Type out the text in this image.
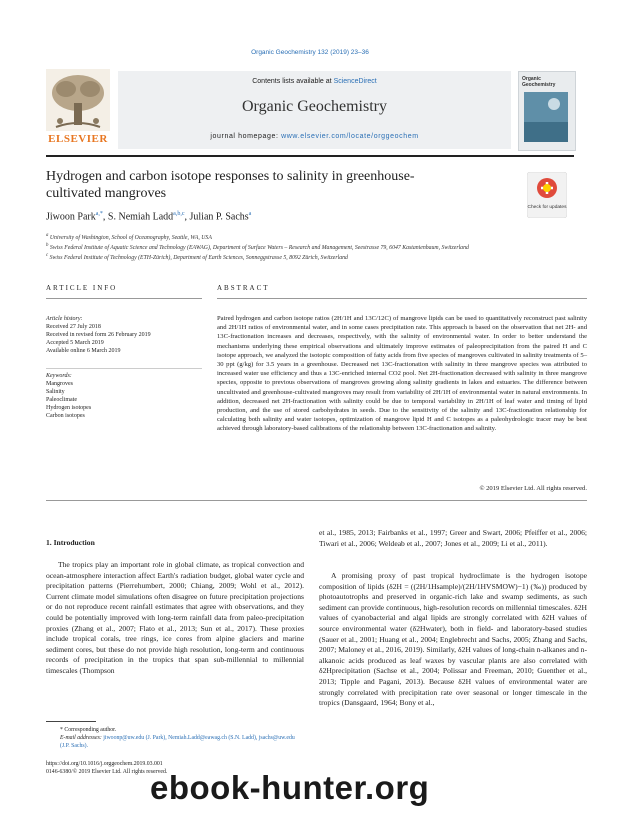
Organic Geochemistry 132 (2019) 23–36
Contents lists available at ScienceDirect
Organic Geochemistry
journal homepage: www.elsevier.com/locate/orggeochem
ELSEVIER
Organic Geochemistry
Hydrogen and carbon isotope responses to salinity in greenhouse-
cultivated mangroves
Check for updates
Jiwoon Park$^{a,*}$, S. Nemiah Ladd$^{a,b,c}$, Julian P. Sachs$^a$
$^a$ University of Washington, School of Oceanography, Seattle, WA, USA
$^b$ Swiss Federal Institute of Aquatic Science and Technology (EAWAG), Department of Surface Waters – Research and Management, Seestrasse 79, 6047 Kastanienbaum, Switzerland
$^c$ Swiss Federal Institute of Technology (ETH-Zürich), Department of Earth Sciences, Sonneggstrasse 5, 8092 Zürich, Switzerland
ARTICLE INFO	ABSTRACT
Article history:
Received 27 July 2018
Received in revised form 26 February 2019
Accepted 5 March 2019
Available online 6 March 2019
Keywords:
Mangroves
Salinity
Paleoclimate
Hydrogen isotopes
Carbon isotopes
Paired hydrogen and carbon isotope ratios (2H/1H and 13C/12C) of mangrove lipids can be used to quantitatively reconstruct past salinity and 2H/1H ratios of environmental water, and in some cases precipitation rate. This approach is based on the observation that net 2H- and 13C-fractionation increases and decreases, respectively, with the salinity of environmental water. In order to better understand the mechanisms underlying these empirical observations and ultimately improve estimates of paleoprecipitation from the paired H and C isotope approach, we analyzed the isotopic composition of fatty acids from five species of mangroves cultivated in salinity treatments of 5–30 ppt (g/kg) for 3.5 years in a greenhouse. Decreased net 13C-fractionation with salinity in three mangrove species was attributed to increased water use efficiency and thus a 13C-enriched internal CO2 pool. Net 2H-fractionation decreased with salinity in three mangrove species, opposite to previous observations of mangroves growing along salinity gradients in lakes and estuaries. The difference between uncultivated and greenhouse-cultivated mangroves may result from variability of 2H/1H of environmental water in natural environments. In addition, decreased net 2H-fractionation with salinity could be due to temporal variability in 2H/1H of leaf water and timing of lipid production, and the use of stored carbohydrates in seeds. Due to the sensitivity of the salinity and 13C-fractionation relationship for calculating both salinity and water isotopes, optimization of mangrove lipid H and C isotopes as a paleohydrologic tracer may be best achieved through laboratory-based calibrations of the relationship between 13C-fractionation and salinity.
© 2019 Elsevier Ltd. All rights reserved.
1. Introduction
The tropics play an important role in global climate, as tropical convection and ocean-atmosphere interaction affect Earth's radiation budget, global water cycle and precipitation patterns (Pierrehumbert, 2000; Chiang, 2009; Wohl et al., 2012). Current climate model simulations often disagree on future precipitation projections or do not reproduce recent rainfall estimates that agree with observations, and they could be potentially improved with long-term rainfall data from paleo-precipitation proxies (Zhang et al., 2007; Flato et al., 2013; Sun et al., 2017). These proxies include tropical corals, tree rings, ice cores from alpine glaciers and marine sediment cores, but these do not provide high resolution, long-term and continuous records of precipitation in the tropics that span sub-millennial to millennial timescales (Thompson
et al., 1985, 2013; Fairbanks et al., 1997; Greer and Swart, 2006; Pfeiffer et al., 2006; Tiwari et al., 2006; Weldeab et al., 2007; Jones et al., 2009; Li et al., 2011).
A promising proxy of past tropical hydroclimate is the hydrogen isotope composition of lipids (δ2H = ((2H/1Hsample)/(2H/1HVSMOW)−1) (‰)) produced by photoautotrophs and preserved in organic-rich lake and swamp sediments, as such sediment can provide continuous, high-resolution records on millennial timescales. δ2H values of cyanobacterial and algal lipids are strongly correlated with δ2H values of source environmental water (δ2Hwater), both in field- and laboratory-based studies (Sauer et al., 2001; Huang et al., 2004; Englebrecht and Sachs, 2005; Zhang and Sachs, 2007; Maloney et al., 2016, 2019). Similarly, δ2H values of long-chain n-alkanes and n-alkanoic acids produced as leaf waxes by vascular plants are also correlated with δ2Hprecipitation (Sachse et al., 2004; Polissar and Freeman, 2010; Guenther et al., 2013; Tipple and Pagani, 2013). Because δ2H values of environmental water are strongly correlated with precipitation rate over seasonal or longer timescale in the tropics (Dansgaard, 1964; Bony et al.,
* Corresponding author.
E-mail addresses: jiwoonp@uw.edu (J. Park), Nemiah.Ladd@eawag.ch (S.N. Ladd), jsachs@uw.edu (J.P. Sachs).
https://doi.org/10.1016/j.orggeochem.2019.03.001
0146-6380/© 2019 Elsevier Ltd. All rights reserved.
ebook-hunter.org
